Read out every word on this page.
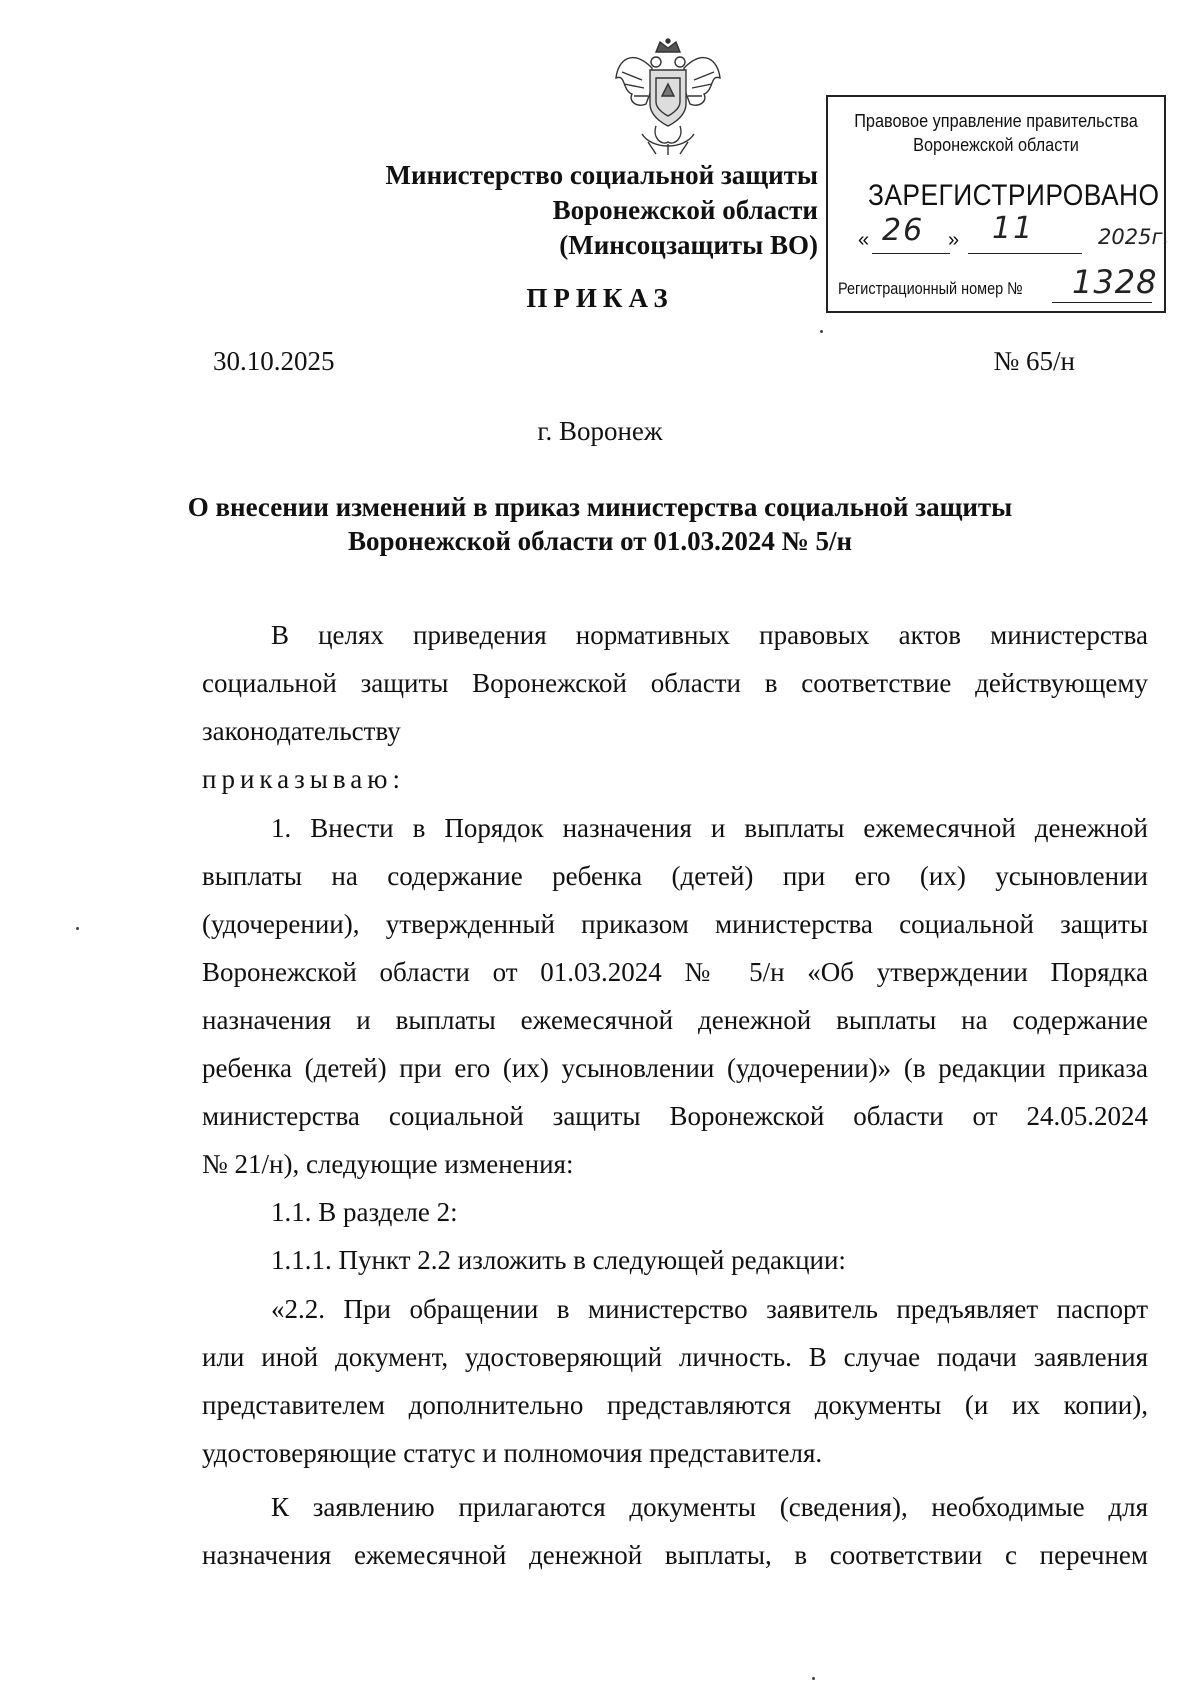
Министерство социальной защиты
Воронежской области
(Минсоцзащиты ВО)
ПРИКАЗ
Правовое управление правительства
Воронежской области
ЗАРЕГИСТРИРОВАНО
« 26 » 11	2025г.
Регистрационный номер № 1328
30.10.2025	№ 65/н
г. Воронеж
О внесении изменений в приказ министерства социальной защиты
Воронежской области от 01.03.2024 № 5/н
В целях приведения нормативных правовых актов министерства
социальной защиты Воронежской области в соответствие действующему
законодательству
приказываю:
1. Внести в Порядок назначения и выплаты ежемесячной денежной
выплаты на содержание ребенка (детей) при его (их) усыновлении
(удочерении), утвержденный приказом министерства социальной защиты
Воронежской области от 01.03.2024 № 5/н «Об утверждении Порядка
назначения и выплаты ежемесячной денежной выплаты на содержание
ребенка (детей) при его (их) усыновлении (удочерении)» (в редакции приказа
министерства социальной защиты Воронежской области от 24.05.2024
№ 21/н), следующие изменения:
1.1. В разделе 2:
1.1.1. Пункт 2.2 изложить в следующей редакции:
«2.2. При обращении в министерство заявитель предъявляет паспорт
или иной документ, удостоверяющий личность. В случае подачи заявления
представителем дополнительно представляются документы (и их копии),
удостоверяющие статус и полномочия представителя.
К заявлению прилагаются документы (сведения), необходимые для
назначения ежемесячной денежной выплаты, в соответствии с перечнем
